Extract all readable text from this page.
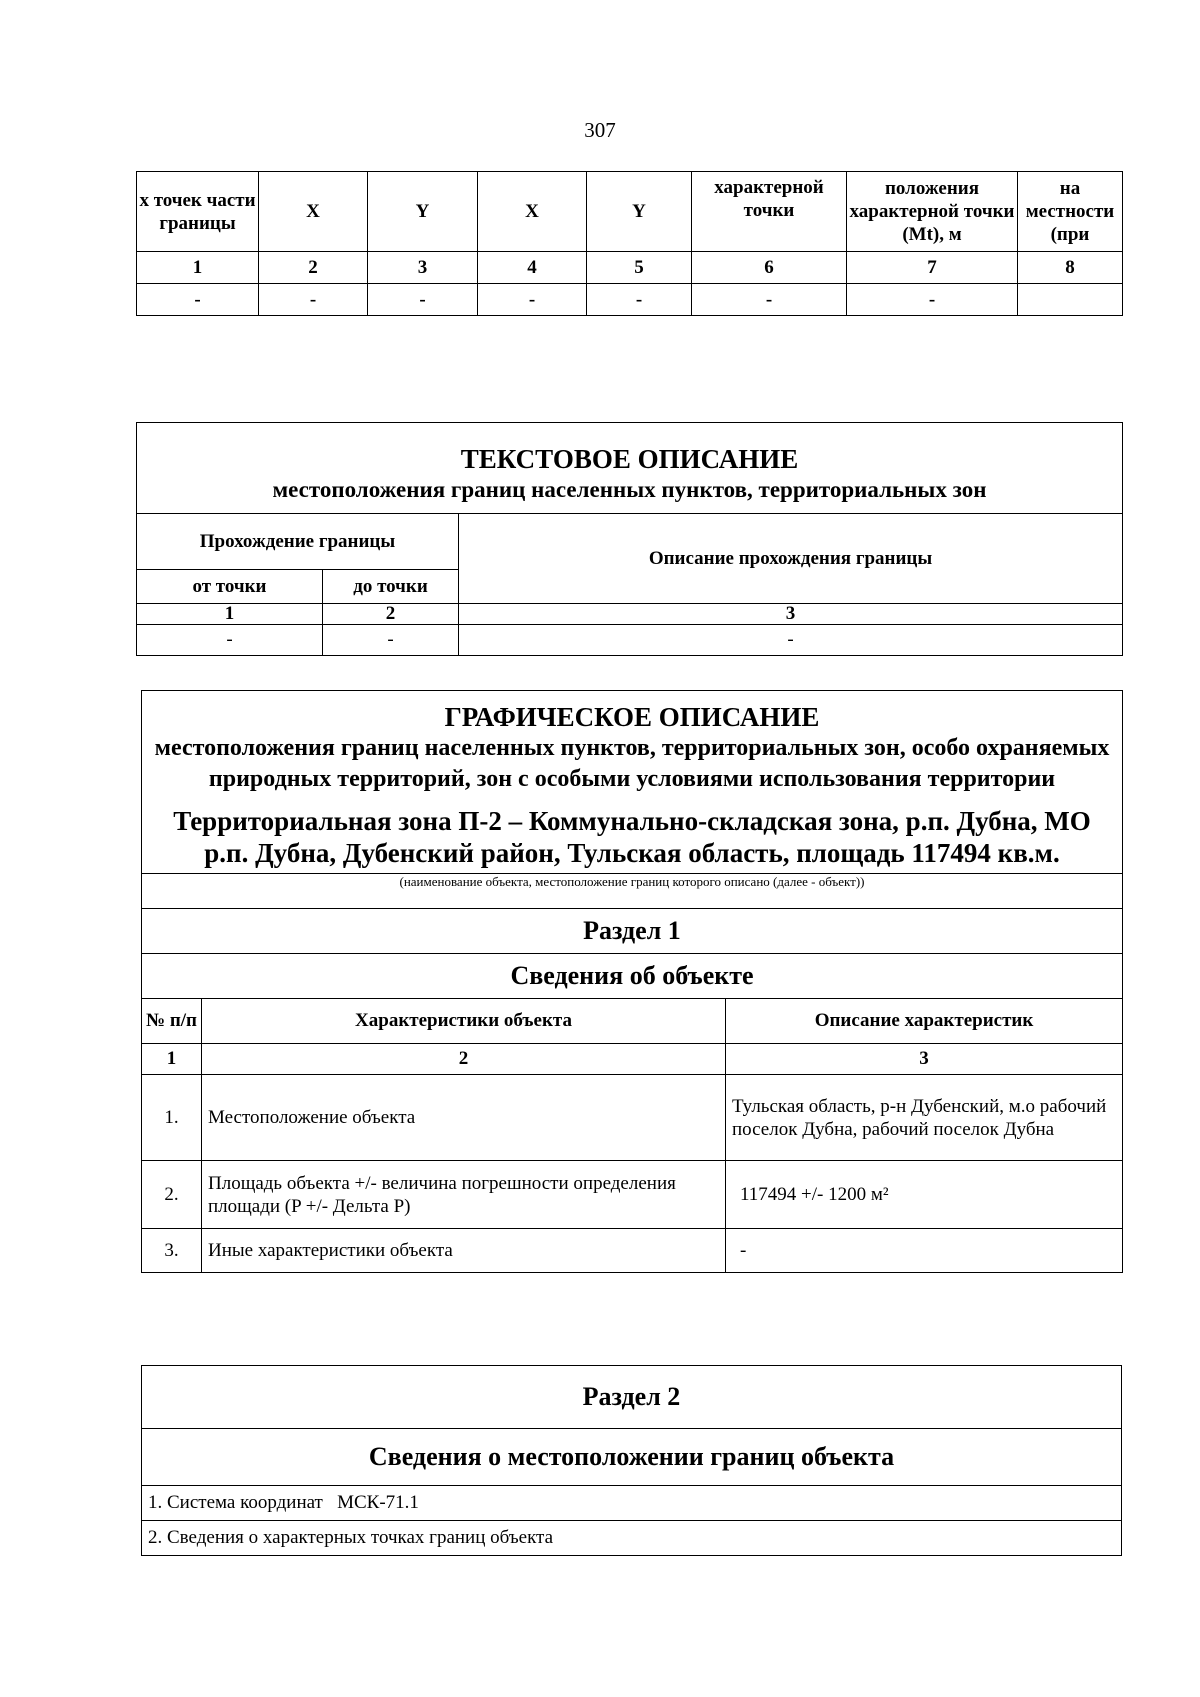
307
х точек части границы	X	Y	X	Y	характерной точки	положения характерной точки (Mt), м	на местности (при
1	2	3	4	5	6	7	8
-	-	-	-	-	-	-	
ТЕКСТОВОЕ ОПИСАНИЕ
местоположения границ населенных пунктов, территориальных зон		

Прохождение границы		Описание прохождения границы
от точки	до точки	
1	2	3
-	-	-
ГРАФИЧЕСКОЕ ОПИСАНИЕ
местоположения границ населенных пунктов, территориальных зон, особо охраняемых природных территорий, зон с особыми условиями использования территории
Территориальная зона П-2 – Коммунально-складская зона, р.п. Дубна, МО р.п. Дубна, Дубенский район, Тульская область, площадь 117494 кв.м.		

(наименование объекта, местоположение границ которого описано (далее - объект))		
Раздел 1		
Сведения об объекте		
№ п/п	Характеристики объекта	Описание характеристик
1	2	3
1.	Местоположение объекта	Тульская область, р-н Дубенский, м.о рабочий поселок Дубна, рабочий поселок Дубна
2.	Площадь объекта +/- величина погрешности определения площади (P +/- Дельта P)	117494 +/- 1200 м²
3.	Иные характеристики объекта	-
Раздел 2
Сведения о местоположении границ объекта
1. Система координат   МСК-71.1
2. Сведения о характерных точках границ объекта
